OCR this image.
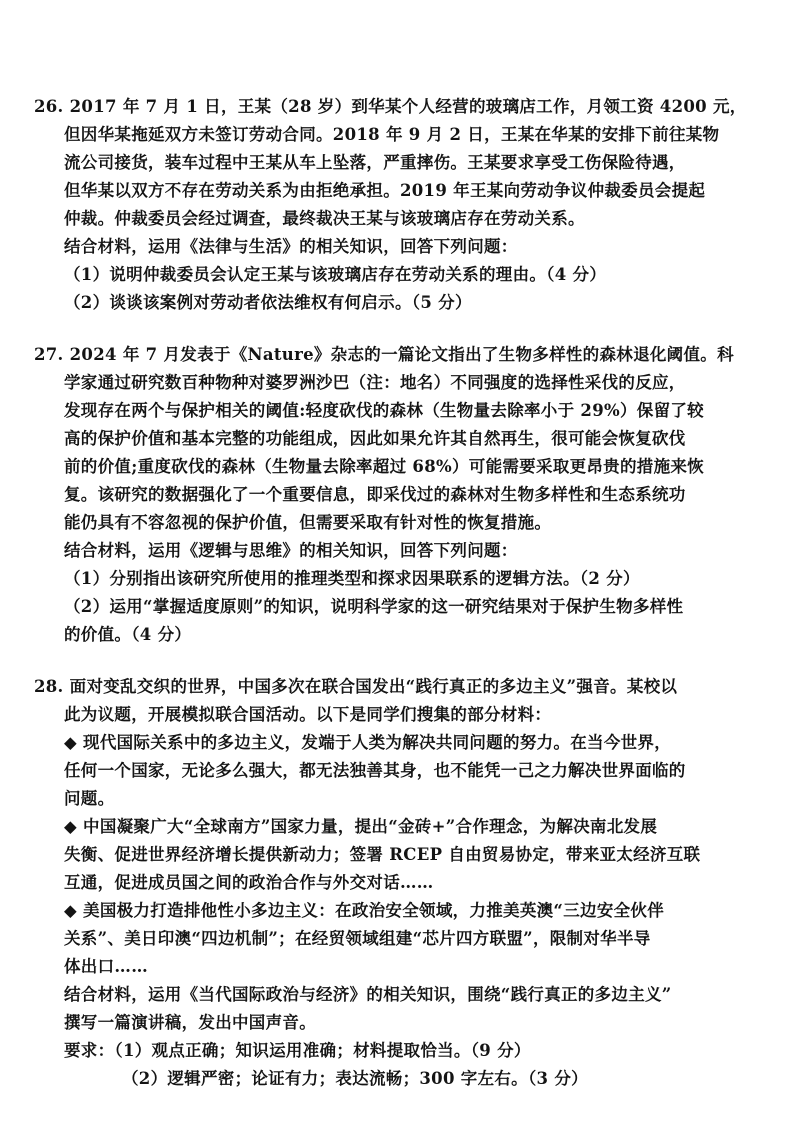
26. 2017 年 7 月 1 日，王某（28 岁）到华某个人经营的玻璃店工作，月领工资 4200 元，
但因华某拖延双方未签订劳动合同。2018 年 9 月 2 日，王某在华某的安排下前往某物
流公司接货，装车过程中王某从车上坠落，严重摔伤。王某要求享受工伤保险待遇，
但华某以双方不存在劳动关系为由拒绝承担。2019 年王某向劳动争议仲裁委员会提起
仲裁。仲裁委员会经过调查，最终裁决王某与该玻璃店存在劳动关系。
结合材料，运用《法律与生活》的相关知识，回答下列问题：
（1）说明仲裁委员会认定王某与该玻璃店存在劳动关系的理由。（4 分）
（2）谈谈该案例对劳动者依法维权有何启示。（5 分）
27. 2024 年 7 月发表于《Nature》杂志的一篇论文指出了生物多样性的森林退化阈值。科
学家通过研究数百种物种对婆罗洲沙巴（注：地名）不同强度的选择性采伐的反应，
发现存在两个与保护相关的阈值:轻度砍伐的森林（生物量去除率小于 29%）保留了较
高的保护价值和基本完整的功能组成，因此如果允许其自然再生，很可能会恢复砍伐
前的价值;重度砍伐的森林（生物量去除率超过 68%）可能需要采取更昂贵的措施来恢
复。该研究的数据强化了一个重要信息，即采伐过的森林对生物多样性和生态系统功
能仍具有不容忽视的保护价值，但需要采取有针对性的恢复措施。
结合材料，运用《逻辑与思维》的相关知识，回答下列问题：
（1）分别指出该研究所使用的推理类型和探求因果联系的逻辑方法。（2 分）
（2）运用“掌握适度原则”的知识，说明科学家的这一研究结果对于保护生物多样性
的价值。（4 分）
28. 面对变乱交织的世界，中国多次在联合国发出“践行真正的多边主义”强音。某校以
此为议题，开展模拟联合国活动。以下是同学们搜集的部分材料：
◆ 现代国际关系中的多边主义，发端于人类为解决共同问题的努力。在当今世界，
任何一个国家，无论多么强大，都无法独善其身，也不能凭一己之力解决世界面临的
问题。
◆ 中国凝聚广大“全球南方”国家力量，提出“金砖+”合作理念，为解决南北发展
失衡、促进世界经济增长提供新动力；签署 RCEP 自由贸易协定，带来亚太经济互联
互通，促进成员国之间的政治合作与外交对话……
◆ 美国极力打造排他性小多边主义：在政治安全领域，力推美英澳“三边安全伙伴
关系”、美日印澳“四边机制”；在经贸领域组建“芯片四方联盟”，限制对华半导
体出口……
结合材料，运用《当代国际政治与经济》的相关知识，围绕“践行真正的多边主义”
撰写一篇演讲稿，发出中国声音。
要求：（1）观点正确；知识运用准确；材料提取恰当。（9 分）
（2）逻辑严密；论证有力；表达流畅；300 字左右。（3 分）
